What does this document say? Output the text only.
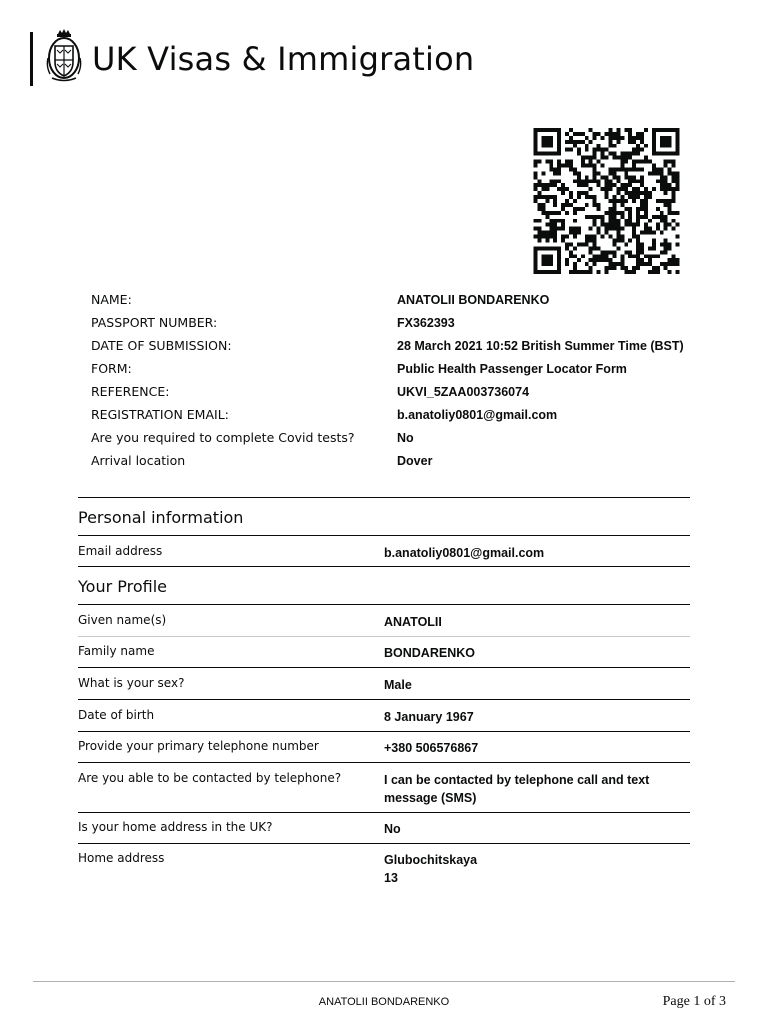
UK Visas & Immigration
NAME:	ANATOLII BONDARENKO
PASSPORT NUMBER:	FX362393
DATE OF SUBMISSION:	28 March 2021 10:52 British Summer Time (BST)
FORM:	Public Health Passenger Locator Form
REFERENCE:	UKVI_5ZAA003736074
REGISTRATION EMAIL:	b.anatoliy0801@gmail.com
Are you required to complete Covid tests?	No
Arrival location	Dover
Personal information
Email address	b.anatoliy0801@gmail.com
Your Profile
Given name(s)	ANATOLII
Family name	BONDARENKO
What is your sex?	Male
Date of birth	8 January 1967
Provide your primary telephone number	+380 506576867
Are you able to be contacted by telephone?	I can be contacted by telephone call and text message (SMS)
Is your home address in the UK?	No
Home address	Glubochitskaya
13
ANATOLII BONDARENKO	Page 1 of 3
